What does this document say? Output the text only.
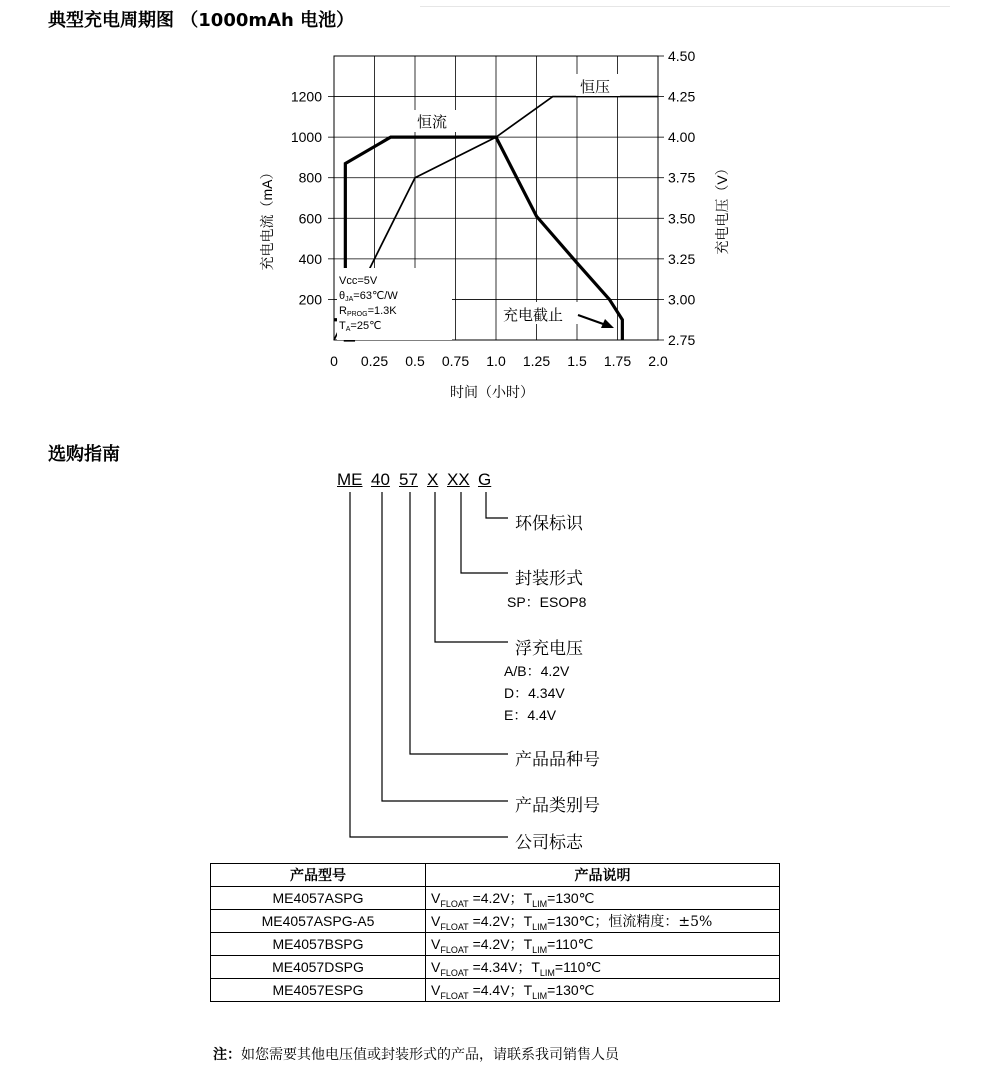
典型充电周期图 （1000mAh 电池）
200
400
600
800
1000
1200
2.75
3.00
3.25
3.50
3.75
4.00
4.25
4.50
0 0.25 0.5 0.75 1.0 1.25 1.5 1.75 2.0
恒流
恒压
Vcc=5V
θJA=63℃/W
RPROG=1.3K
TA=25℃
充电截止
时间（小时）
充电电流（mA）	充电电压（V）
选购指南
ME 40 57 X XX G
环保标识
封装形式
SP：ESOP8
浮充电压
A/B：4.2V
D：4.34V
E：4.4V
产品品种号
产品类别号
公司标志
产品型号	产品说明
ME4057ASPG	$V_{FLOAT} =4.2V$；$T_{LIM}=130℃$
ME4057ASPG-A5	$V_{FLOAT} =4.2V$；$T_{LIM}=130℃$；恒流精度：±5%
ME4057BSPG	$V_{FLOAT} =4.2V$；$T_{LIM}=110℃$
ME4057DSPG	$V_{FLOAT} =4.34V$；$T_{LIM}=110℃$
ME4057ESPG	$V_{FLOAT} =4.4V$；$T_{LIM}=130℃$
注：如您需要其他电压值或封装形式的产品，请联系我司销售人员
